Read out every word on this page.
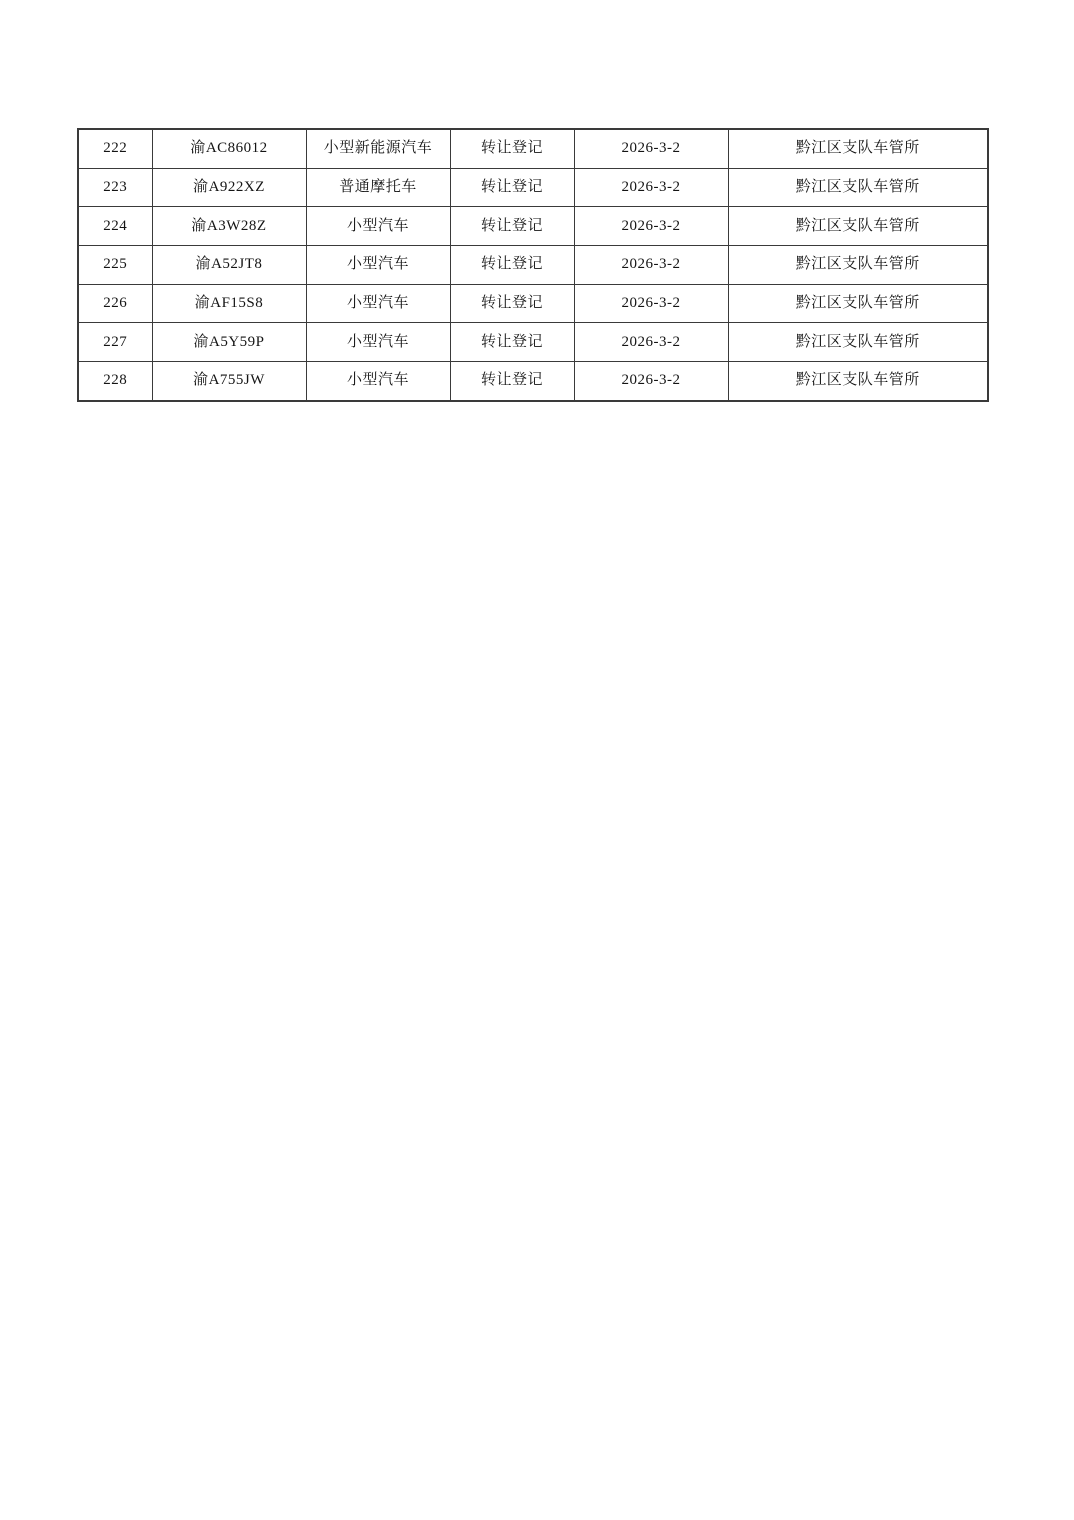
222	渝AC86012	小型新能源汽车	转让登记	2026-3-2	黔江区支队车管所
223	渝A922XZ	普通摩托车	转让登记	2026-3-2	黔江区支队车管所
224	渝A3W28Z	小型汽车	转让登记	2026-3-2	黔江区支队车管所
225	渝A52JT8	小型汽车	转让登记	2026-3-2	黔江区支队车管所
226	渝AF15S8	小型汽车	转让登记	2026-3-2	黔江区支队车管所
227	渝A5Y59P	小型汽车	转让登记	2026-3-2	黔江区支队车管所
228	渝A755JW	小型汽车	转让登记	2026-3-2	黔江区支队车管所
